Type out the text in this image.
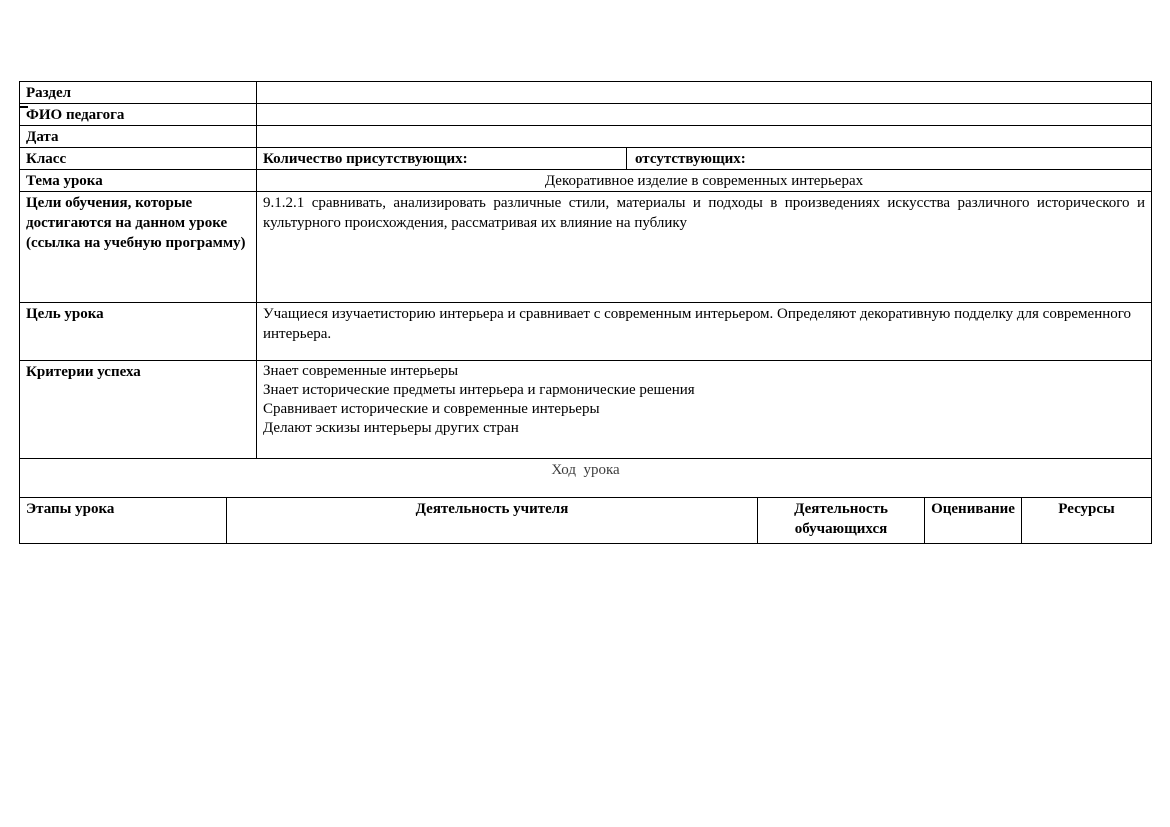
Раздел						
ФИО педагога						
Дата						
Класс		Количество присутствующих:	отсутствующих:			
Тема урока		Декоративное изделие в современных интерьерах				
Цели обучения, которые достигаются на данном уроке (ссылка на учебную программу)		9.1.2.1 сравнивать, анализировать различные стили, материалы и подходы в произведениях искусства различного исторического и культурного происхождения, рассматривая их влияние на публику				
Цель урока		Учащиеся изучаетисторию интерьера и сравнивает с современным интерьером. Определяют декоративную подделку для современного интерьера.				
Критерии успеха		Знает современные интерьеры
Знает исторические предметы интерьера и гармонические решения
Сравнивает исторические и современные интерьеры
Делают эскизы интерьеры других стран				

Ход  урока						
Этапы урока	Деятельность учителя			Деятельность обучающихся	Оценивание	Ресурсы
